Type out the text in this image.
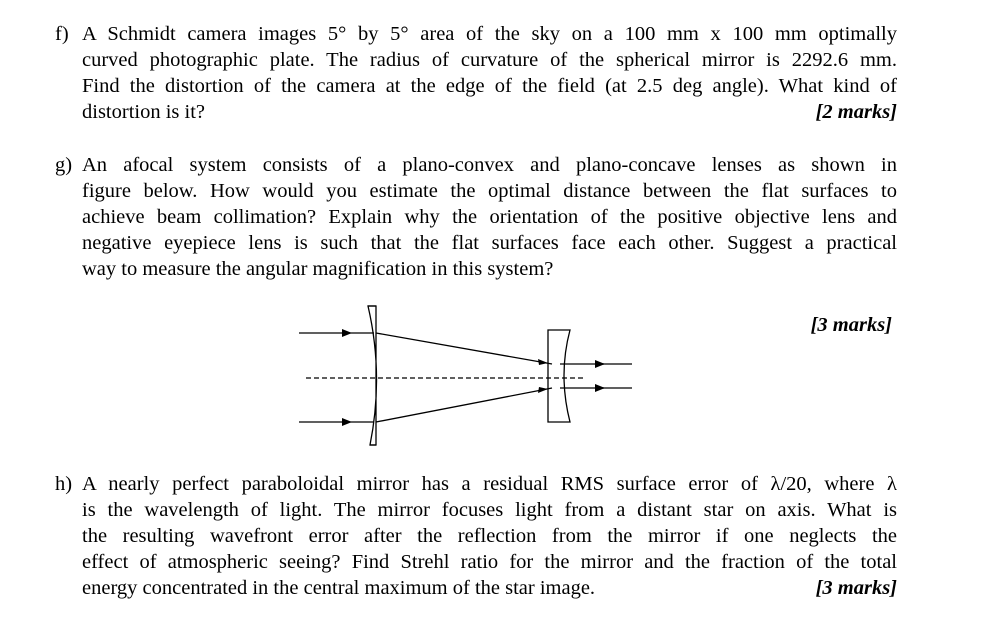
f) A Schmidt camera images 5° by 5° area of the sky on a 100 mm x 100 mm optimally
curved photographic plate. The radius of curvature of the spherical mirror is 2292.6 mm.
Find the distortion of the camera at the edge of the field (at 2.5 deg angle). What kind of
distortion is it?	[2 marks]
g) An afocal system consists of a plano-convex and plano-concave lenses as shown in
figure below. How would you estimate the optimal distance between the flat surfaces to
achieve beam collimation? Explain why the orientation of the positive objective lens and
negative eyepiece lens is such that the flat surfaces face each other. Suggest a practical
way to measure the angular magnification in this system?
[3 marks]
h) A nearly perfect paraboloidal mirror has a residual RMS surface error of λ/20, where λ
is the wavelength of light. The mirror focuses light from a distant star on axis. What is
the resulting wavefront error after the reflection from the mirror if one neglects the
effect of atmospheric seeing? Find Strehl ratio for the mirror and the fraction of the total
energy concentrated in the central maximum of the star image.	[3 marks]
